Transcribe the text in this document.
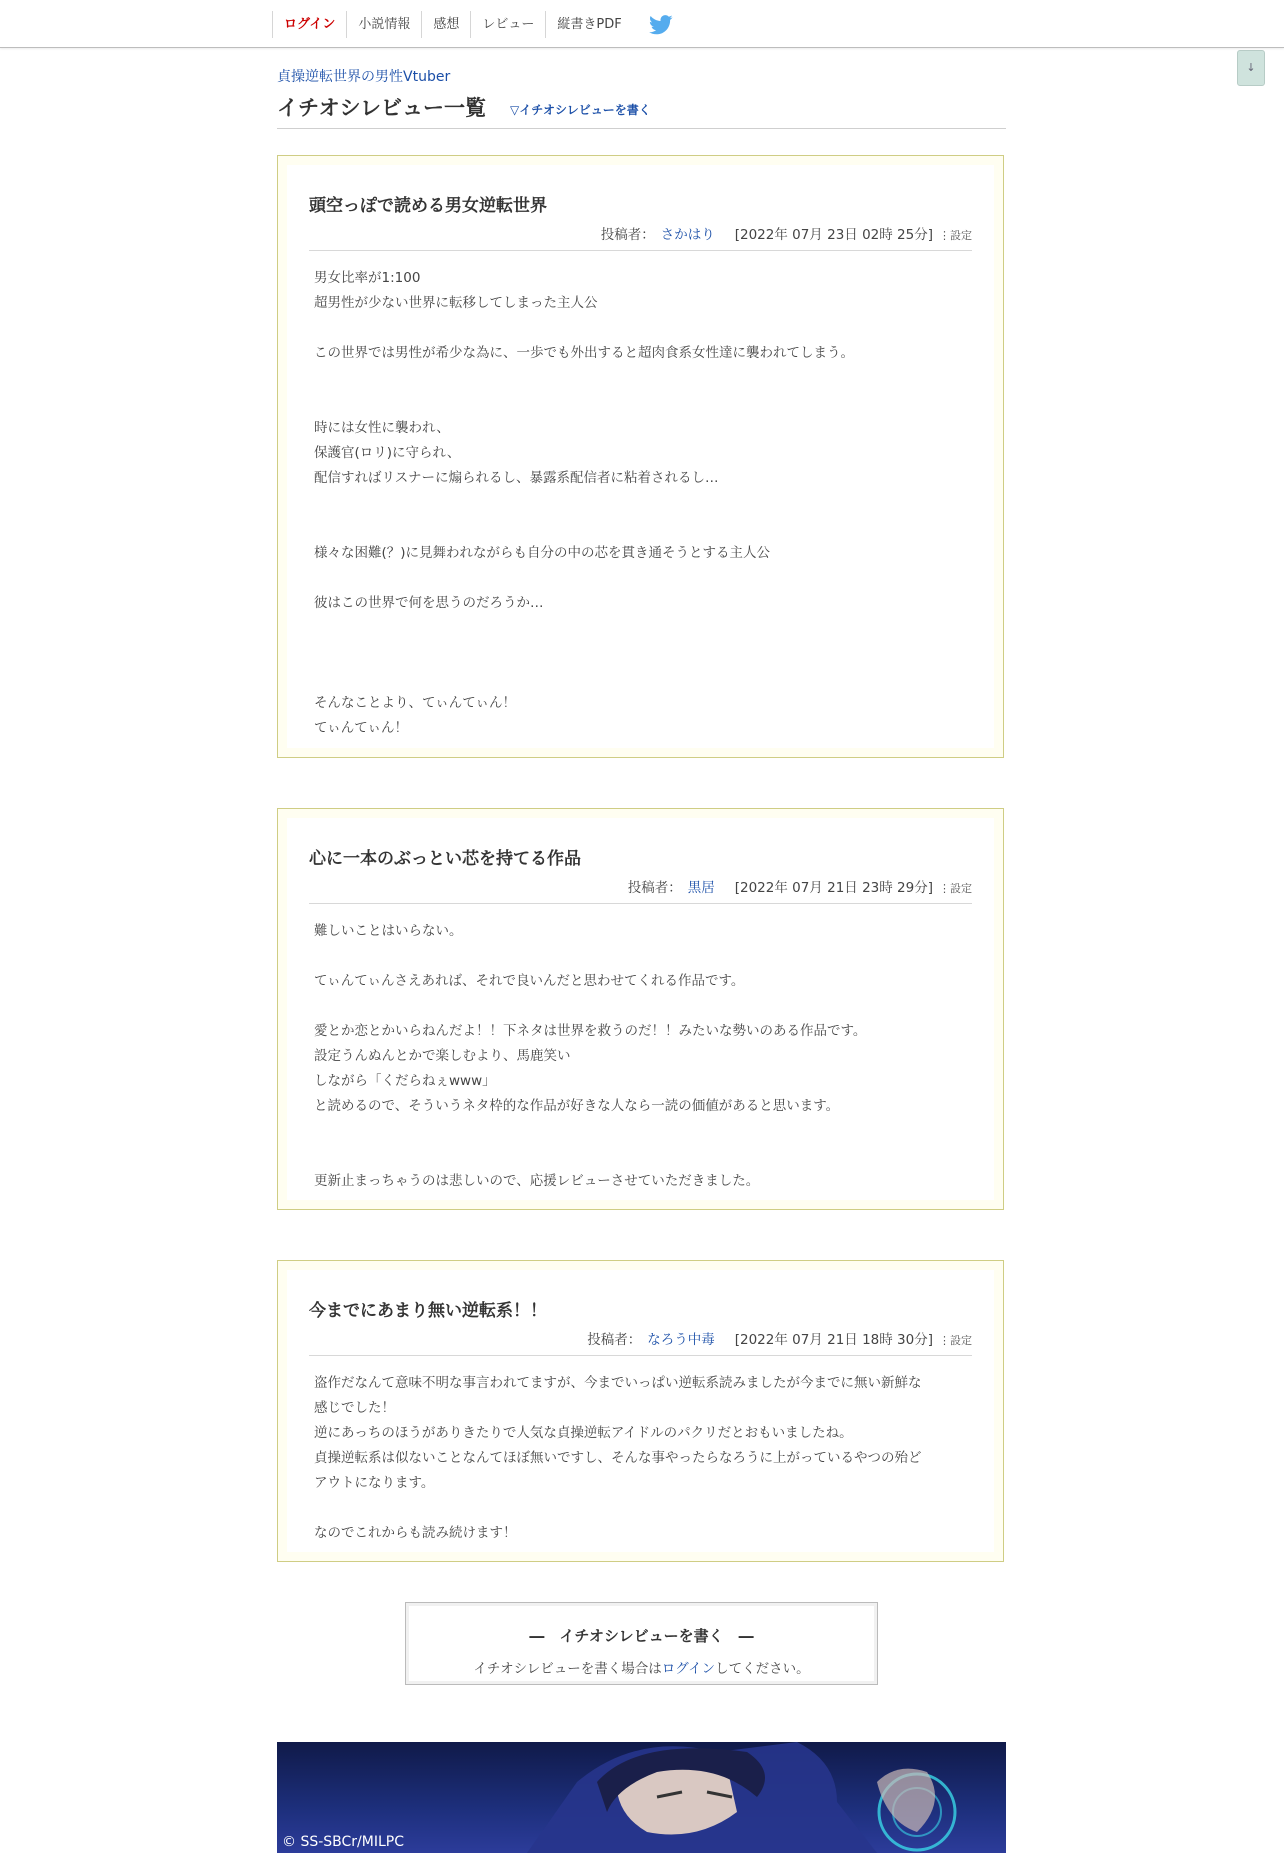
ログイン	小説情報	感想	レビュー	縦書きPDF
↓
貞操逆転世界の男性Vtuber
イチオシレビュー一覧 ▽イチオシレビューを書く
頭空っぽで読める男女逆転世界
投稿者： さかはり [2022年 07月 23日 02時 25分] ⋮設定

男女比率が1:100

超男性が少ない世界に転移してしまった主人公

この世界では男性が希少な為に、一歩でも外出すると超肉食系女性達に襲われてしまう。

時には女性に襲われ、

保護官(ロリ)に守られ、

配信すればリスナーに煽られるし、暴露系配信者に粘着されるし…

様々な困難(？)に見舞われながらも自分の中の芯を貫き通そうとする主人公

彼はこの世界で何を思うのだろうか…

そんなことより、てぃんてぃん！

てぃんてぃん！

心に一本のぶっとい芯を持てる作品
投稿者： 黒居 [2022年 07月 21日 23時 29分] ⋮設定

難しいことはいらない。

てぃんてぃんさえあれば、それで良いんだと思わせてくれる作品です。

愛とか恋とかいらねんだよ！！下ネタは世界を救うのだ！！みたいな勢いのある作品です。

設定うんぬんとかで楽しむより、馬鹿笑い

しながら「くだらねぇwww」

と読めるので、そういうネタ枠的な作品が好きな人なら一読の価値があると思います。

更新止まっちゃうのは悲しいので、応援レビューさせていただきました。

今までにあまり無い逆転系！！
投稿者： なろう中毒 [2022年 07月 21日 18時 30分] ⋮設定

盗作だなんて意味不明な事言われてますが、今までいっぱい逆転系読みましたが今までに無い新鮮な

感じでした！

逆にあっちのほうがありきたりで人気な貞操逆転アイドルのパクリだとおもいましたね。

貞操逆転系は似ないことなんてほぼ無いですし、そんな事やったらなろうに上がっているやつの殆ど

アウトになります。

なのでこれからも読み続けます！

―　イチオシレビューを書く　―
イチオシレビューを書く場合はログインしてください。
© SS-SBCr/MILPC
